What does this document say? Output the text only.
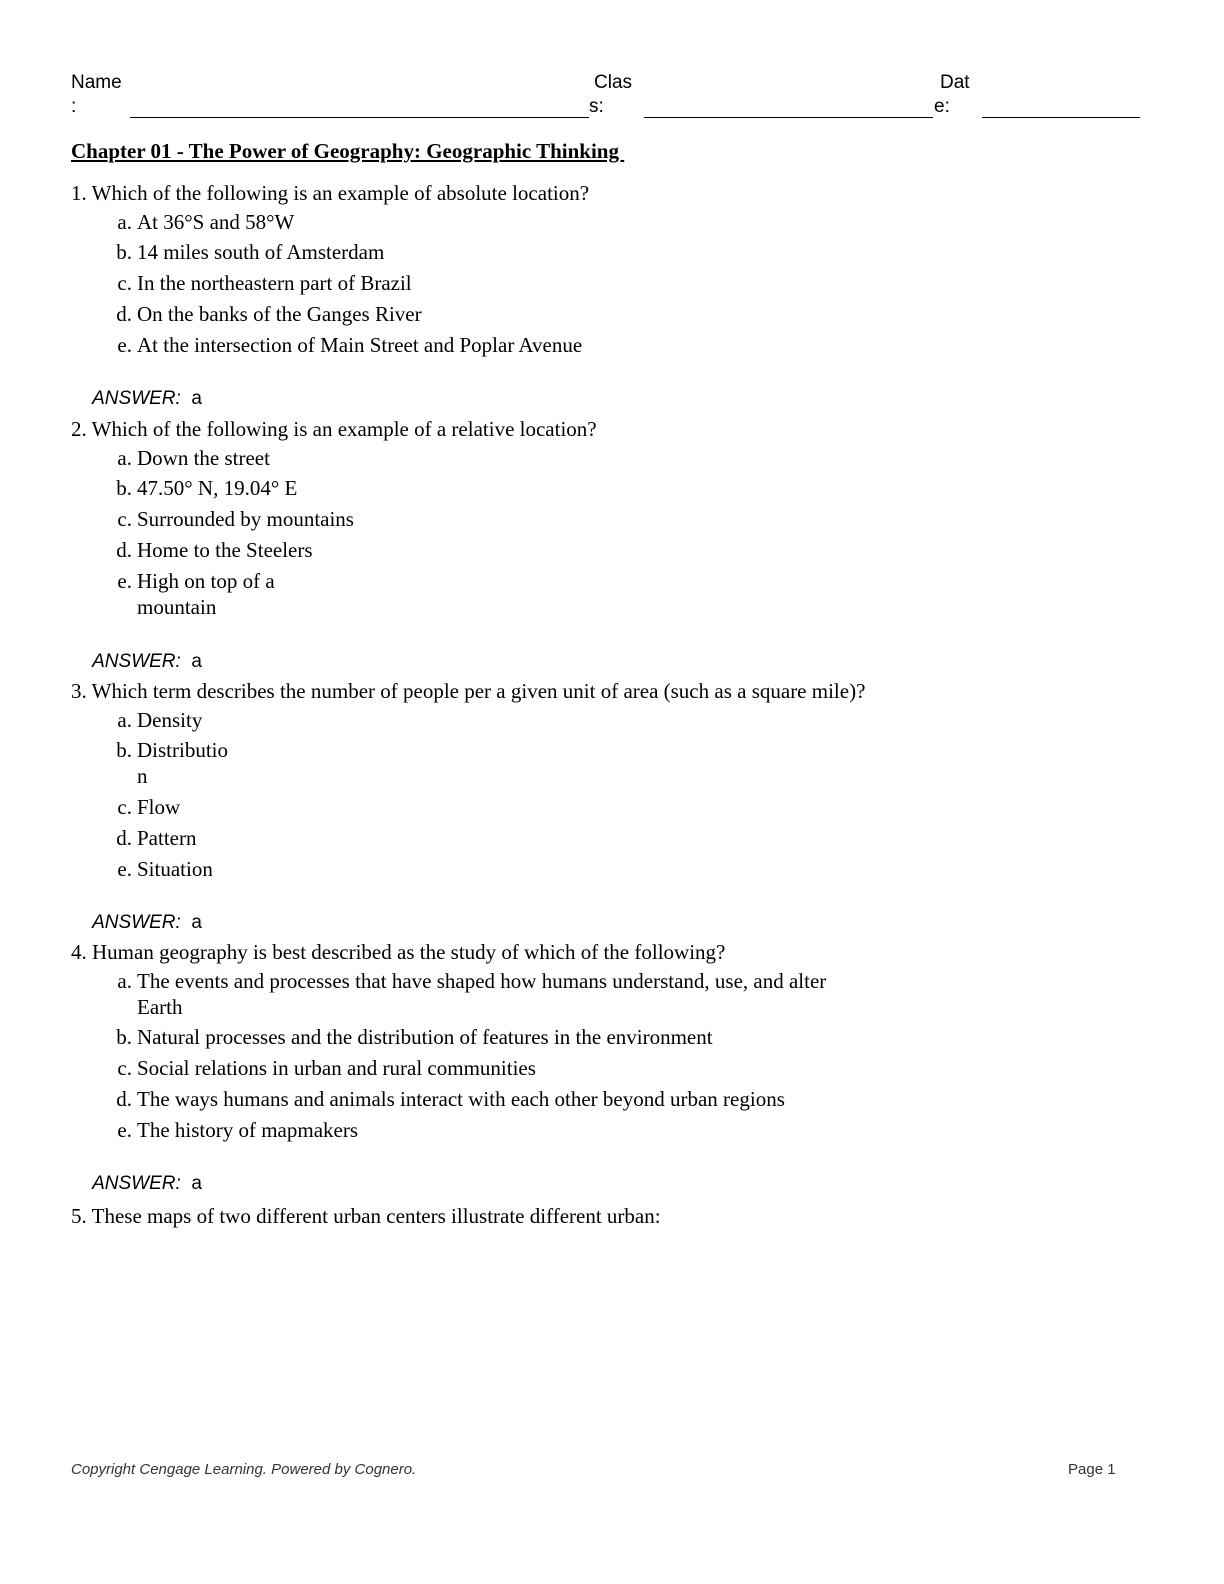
Name
:
Clas
s:
Dat
e:
Chapter 01 - The Power of Geography: Geographic Thinking
1. Which of the following is an example of absolute location?
a. At 36°S and 58°W
b. 14 miles south of Amsterdam
c. In the northeastern part of Brazil
d. On the banks of the Ganges River
e. At the intersection of Main Street and Poplar Avenue

ANSWER: a

2. Which of the following is an example of a relative location?
a. Down the street
b. 47.50° N, 19.04° E
c. Surrounded by mountains
d. Home to the Steelers
e. High on top of a mountain

ANSWER: a

3. Which term describes the number of people per a given unit of area (such as a square mile)?
a. Density
b. Distribution
c. Flow
d. Pattern
e. Situation

ANSWER: a

4. Human geography is best described as the study of which of the following?
a. The events and processes that have shaped how humans understand, use, and alter Earth
b. Natural processes and the distribution of features in the environment
c. Social relations in urban and rural communities
d. The ways humans and animals interact with each other beyond urban regions
e. The history of mapmakers

ANSWER: a

5. These maps of two different urban centers illustrate different urban:
Copyright Cengage Learning. Powered by Cognero.	Page 1
